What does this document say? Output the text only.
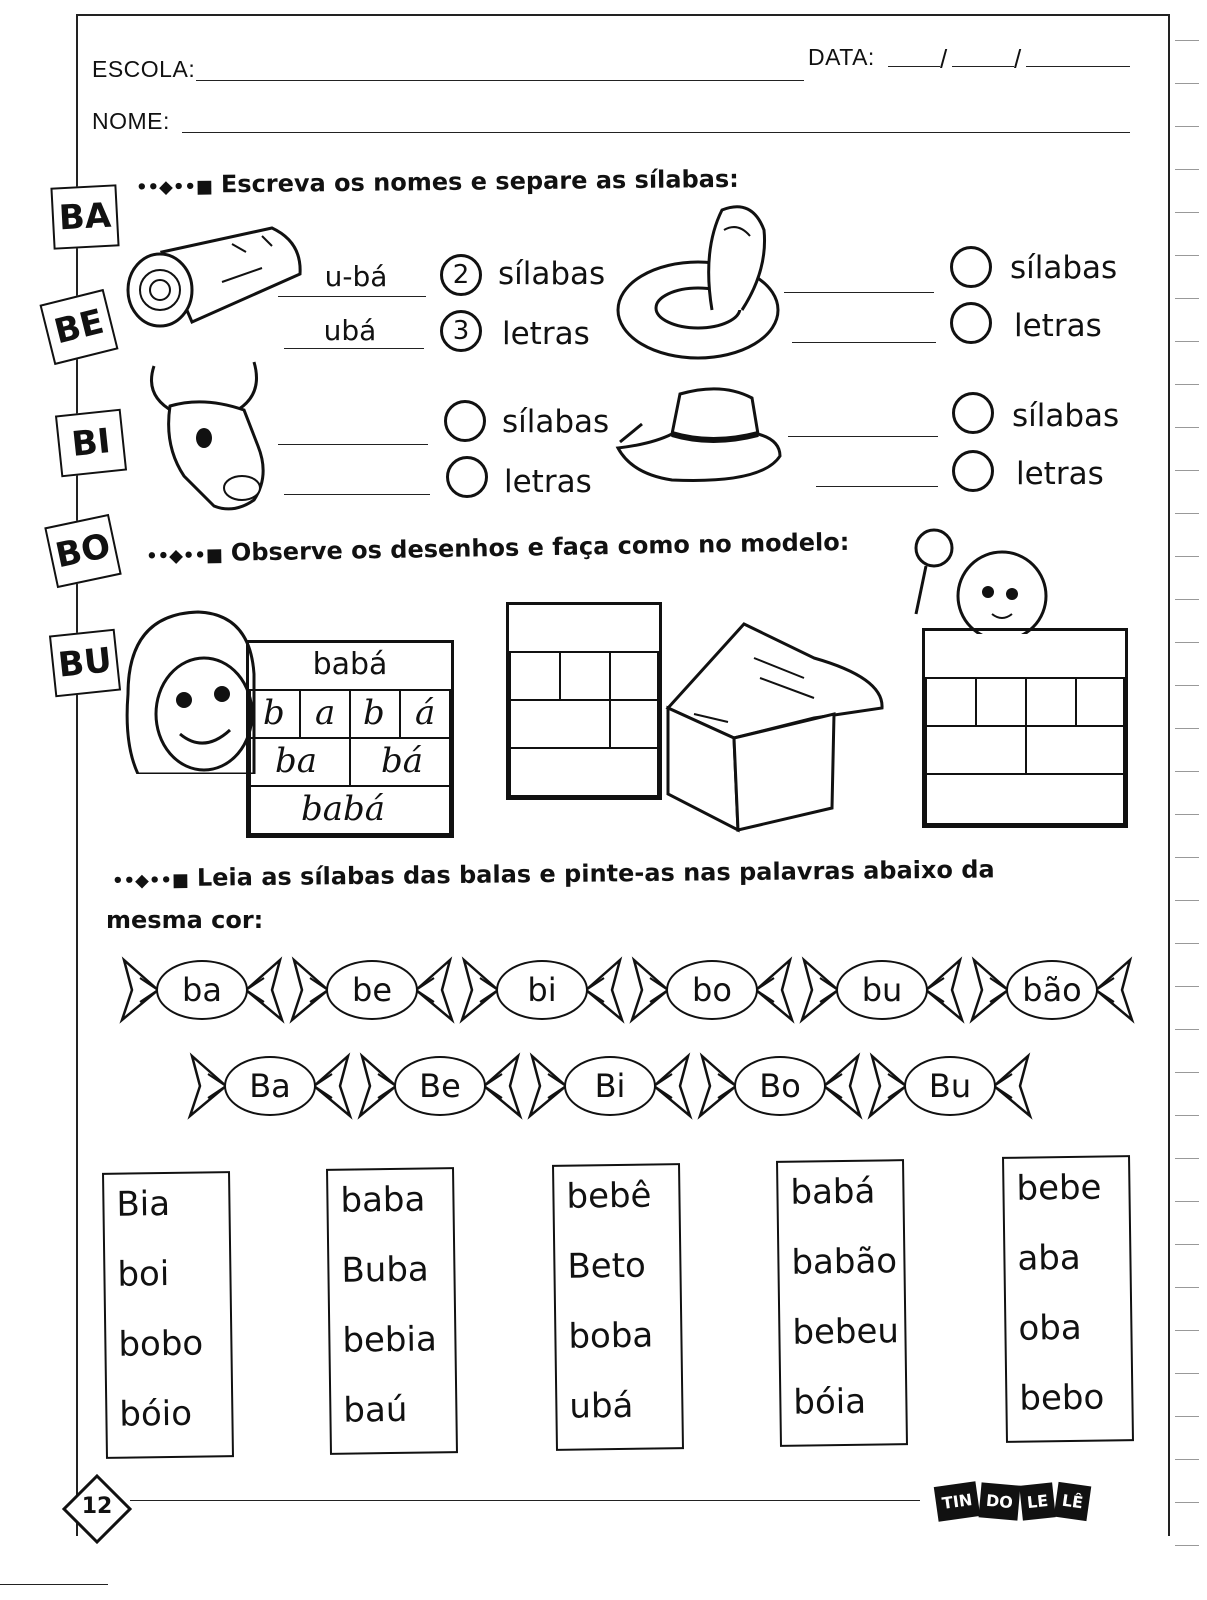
ESCOLA:	DATA:	/	/
NOME:
BA
BE
BI
BO
BU
••◆••■ Escreva os nomes e separe as sílabas:
u-bá
ubá
2 sílabas
3	letras
sílabas
letras
sílabas
letras
sílabas
letras
••◆••■ Observe os desenhos e faça como no modelo:
babá
b a b á
ba bá
babá
••◆••■ Leia as sílabas das balas e pinte-as nas palavras abaixo da
mesma cor:
ba	be	bi	bo	bu	bão
Ba	Be	Bi	Bo	Bu
Bia
boi
bobo
bóio
baba
Buba
bebia
baú
bebê
Beto
boba
ubá
babá
babão
bebeu
bóia
bebe
aba
oba
bebo
12	TIN DO LE LÊ
